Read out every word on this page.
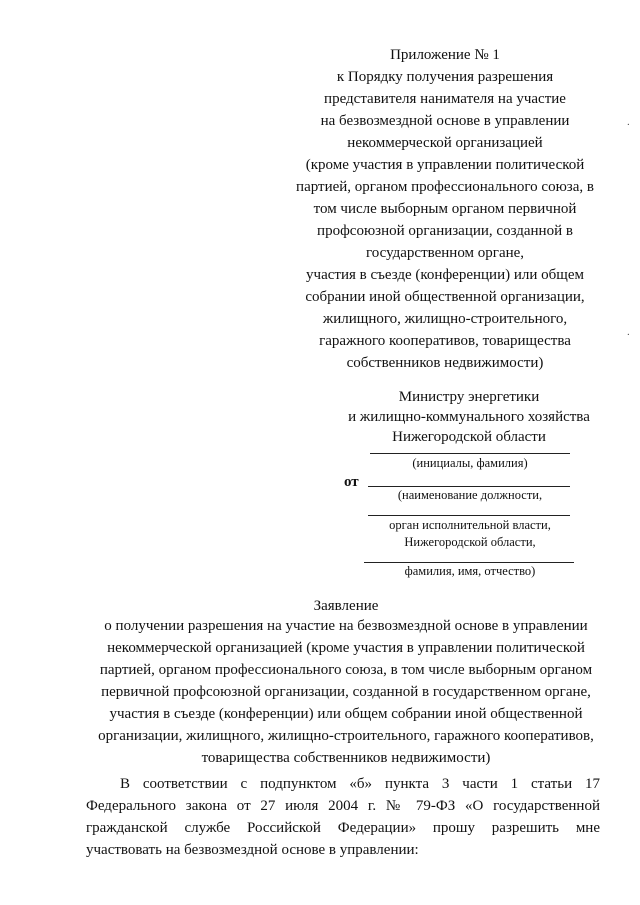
.
.
Приложение № 1
к Порядку получения разрешения
представителя нанимателя на участие
на безвозмездной основе в управлении
некоммерческой организацией
(кроме участия в управлении политической
партией, органом профессионального союза, в
том числе выборным органом первичной
профсоюзной организации, созданной в
государственном органе,
участия в съезде (конференции) или общем
собрании иной общественной организации,
жилищного, жилищно-строительного,
гаражного кооперативов, товарищества
собственников недвижимости)
Министру энергетики
и жилищно-коммунального хозяйства
Нижегородской области
(инициалы, фамилия)
от
(наименование должности,
орган исполнительной власти,
Нижегородской области,
фамилия, имя, отчество)
Заявление
о получении разрешения на участие на безвозмездной основе в управлении
некоммерческой организацией (кроме участия в управлении политической
партией, органом профессионального союза, в том числе выборным органом
первичной профсоюзной организации, созданной в государственном органе,
участия в съезде (конференции) или общем собрании иной общественной
организации, жилищного, жилищно-строительного, гаражного кооперативов,
товарищества собственников недвижимости)
В соответствии с подпунктом «б» пункта 3 части 1 статьи 17
Федерального закона от 27 июля 2004 г. № 79-ФЗ «О государственной
гражданской службе Российской Федерации» прошу разрешить мне
участвовать на безвозмездной основе в управлении:
